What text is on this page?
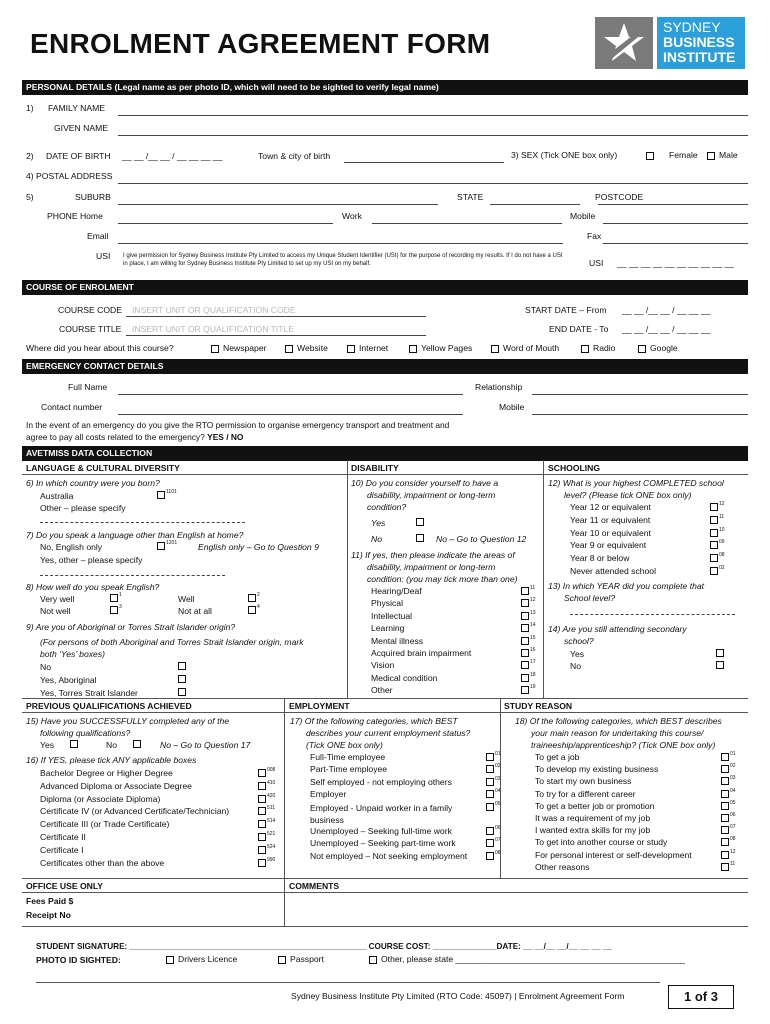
ENROLMENT AGREEMENT FORM
SYDNEY
BUSINESS
INSTITUTE
PERSONAL DETAILS (Legal name as per photo ID, which will need to be sighted to verify legal name)
1) FAMILY NAME
GIVEN NAME
2) DATE OF BIRTH __ __ /__ __ / __ __ __ __	Town & city of birth	3) SEX (Tick ONE box only)	Female	Male
4) POSTAL ADDRESS
5)	SUBURB	STATE	POSTCODE
PHONE Home	Work	Mobile
Email	Fax
USI I give permission for Sydney Business Institute Pty Limited to access my Unique Student Identifier (USI) for the purpose of recording my results. If I do not have a USI in place, I am willing for Sydney Business Institute Pty Limited to set up my USI on my behalf.	USI __ __ __ __ __ __ __ __ __ __
COURSE OF ENROLMENT
COURSE CODE INSERT UNIT OR QUALIFICATION CODE	START DATE – From __ __ /__ __ / __ __ __
COURSE TITLE INSERT UNIT OR QUALIFICATION TITLE	END DATE - To __ __ /__ __ / __ __ __
Where did you hear about this course?	Newspaper	Website	Internet	Yellow Pages	Word of Mouth	Radio	Google
EMERGENCY CONTACT DETAILS
Full Name	Relationship
Contact number	Mobile
In the event of an emergency do you give the RTO permission to organise emergency transport and treatment and
agree to pay all costs related to the emergency? YES / NO
AVETMISS DATA COLLECTION
LANGUAGE & CULTURAL DIVERSITY	DISABILITY	SCHOOLING
6) In which country were you born?
Australia	1101
Other – please specify
7) Do you speak a language other than English at home?
No, English only	1201 English only – Go to Question 9
Yes, other – please specify
8) How well do you speak English?
Very well	1	Well	2
Not well	3	Not at all	4
9) Are you of Aboriginal or Torres Strait Islander origin?
(For persons of both Aboriginal and Torres Strait Islander origin, mark
both ‘Yes’ boxes)
No
Yes, Aboriginal
Yes, Torres Strait Islander
10) Do you consider yourself to have a
disability, impairment or long-term
condition?
Yes
No	No – Go to Question 12
11) If yes, then please indicate the areas of
disability, impairment or long-term
condition: (you may tick more than one)
Hearing/Deaf	11
Physical	12
Intellectual	13
Learning	14
Mental illness	15
Acquired brain impairment	16
Vision	17
Medical condition	18
Other	19
12) What is your highest COMPLETED school
level? (Please tick ONE box only)
Year 12 or equivalent	12
Year 11 or equivalent	11
Year 10 or equivalent	10
Year 9 or equivalent	09
Year 8 or below	08
Never attended school	02
13) In which YEAR did you complete that
School level?
14) Are you still attending secondary
school?
Yes
No
PREVIOUS QUALIFICATIONS ACHIEVED	EMPLOYMENT	STUDY REASON
15) Have you SUCCESSFULLY completed any of the
following qualifications?
Yes	No	No – Go to Question 17
16) If YES, please tick ANY applicable boxes
Bachelor Degree or Higher Degree	008
Advanced Diploma or Associate Degree	410
Diploma (or Associate Diploma)	420
Certificate IV (or Advanced Certificate/Technician)	511
Certificate III (or Trade Certificate)	514
Certificate II	521
Certificate I	524
Certificates other than the above	990
17) Of the following categories, which BEST
describes your current employment status?
(Tick ONE box only)
Full-Time employee	01
Part-Time employee	02
Self employed - not employing others	03
Employer	04
Employed - Unpaid worker in a family business
05
Unemployed – Seeking full-time work	06
Unemployed – Seeking part-time work	07
Not employed – Not seeking employment	08
18) Of the following categories, which BEST describes
your main reason for undertaking this course/
traineeship/apprenticeship? (Tick ONE box only)
To get a job	01
To develop my existing business	02
To start my own business	03
To try for a different career	04
To get a better job or promotion	05
It was a requirement of my job	06
I wanted extra skills for my job	07
To get into another course or study	08
For personal interest or self-development	12
Other reasons	11
OFFICE USE ONLY	COMMENTS
Fees Paid $
Receipt No
STUDENT SIGNATURE: ____________________________________________________ COURSE COST: ______________DATE: __ __/__ __/__ __ __ __
PHOTO ID SIGHTED:	Drivers Licence	Passport	Other, please state ________________________________________________
Sydney Business Institute Pty Limited (RTO Code: 45097) | Enrolment Agreement Form	1 of 3
